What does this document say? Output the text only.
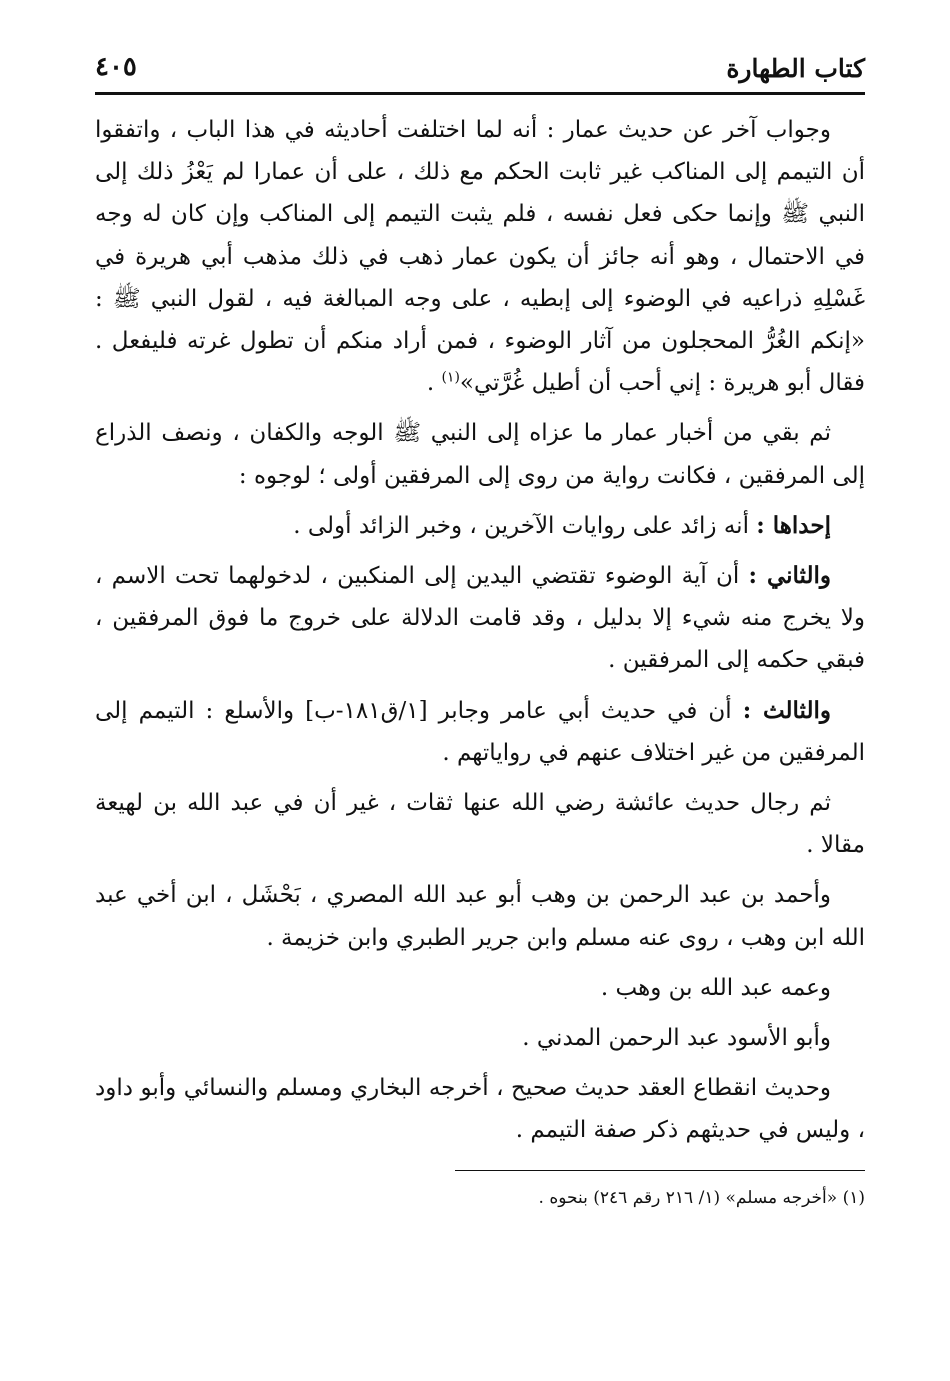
كتاب الطهارة
٤٠٥

وجواب آخر عن حديث عمار : أنه لما اختلفت أحاديثه في هذا الباب ، واتفقوا أن التيمم إلى المناكب غير ثابت الحكم مع ذلك ، على أن عمارا لم يَعْزُ ذلك إلى النبي ﷺ وإنما حكى فعل نفسه ، فلم يثبت التيمم إلى المناكب وإن كان له وجه في الاحتمال ، وهو أنه جائز أن يكون عمار ذهب في ذلك مذهب أبي هريرة في غَسْلِهِ ذراعيه في الوضوء إلى إبطيه ، على وجه المبالغة فيه ، لقول النبي ﷺ : «إنكم الغُرُّ المحجلون من آثار الوضوء ، فمن أراد منكم أن تطول غرته فليفعل . فقال أبو هريرة : إني أحب أن أطيل غُرَّتي»$^{(١)}$ .

ثم بقي من أخبار عمار ما عزاه إلى النبي ﷺ الوجه والكفان ، ونصف الذراع إلى المرفقين ، فكانت رواية من روى إلى المرفقين أولى ؛ لوجوه :

إحداها : أنه زائد على روايات الآخرين ، وخبر الزائد أولى .

والثاني : أن آية الوضوء تقتضي اليدين إلى المنكبين ، لدخولهما تحت الاسم ، ولا يخرج منه شيء إلا بدليل ، وقد قامت الدلالة على خروج ما فوق المرفقين ، فبقي حكمه إلى المرفقين .

والثالث : أن في حديث أبي عامر وجابر [١/ق١٨١-ب] والأسلع : التيمم إلى المرفقين من غير اختلاف عنهم في رواياتهم .

ثم رجال حديث عائشة رضي الله عنها ثقات ، غير أن في عبد الله بن لهيعة مقالا .

وأحمد بن عبد الرحمن بن وهب أبو عبد الله المصري ، بَحْشَل ، ابن أخي عبد الله ابن وهب ، روى عنه مسلم وابن جرير الطبري وابن خزيمة .

وعمه عبد الله بن وهب .

وأبو الأسود عبد الرحمن المدني .

وحديث انقطاع العقد حديث صحيح ، أخرجه البخاري ومسلم والنسائي وأبو داود ، وليس في حديثهم ذكر صفة التيمم .

(١) «أخرجه مسلم» (١/ ٢١٦ رقم ٢٤٦) بنحوه .
